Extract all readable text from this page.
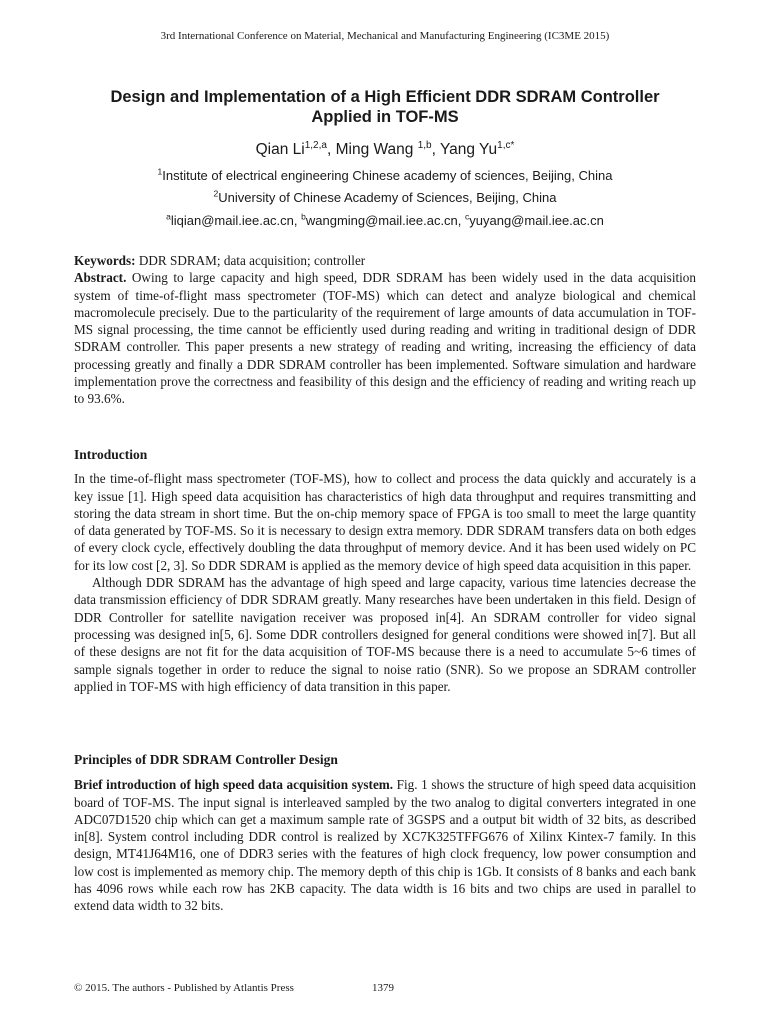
3rd International Conference on Material, Mechanical and Manufacturing Engineering (IC3ME 2015)
Design and Implementation of a High Efficient DDR SDRAM Controller
Applied in TOF-MS
Qian Li$^{1,2,a}$, Ming Wang $^{1,b}$, Yang $Yu^{1,c*}$
$^1$Institute of electrical engineering Chinese academy of sciences, Beijing, China
$^2$University of Chinese Academy of Sciences, Beijing, China
$^a$liqian@mail.iee.ac.cn, $^b$wangming@mail.iee.ac.cn, $^c$yuyang@mail.iee.ac.cn

Keywords: DDR SDRAM; data acquisition; controller

Abstract. Owing to large capacity and high speed, DDR SDRAM has been widely used in the data acquisition system of time-of-flight mass spectrometer (TOF-MS) which can detect and analyze biological and chemical macromolecule precisely. Due to the particularity of the requirement of large amounts of data accumulation in TOF-MS signal processing, the time cannot be efficiently used during reading and writing in traditional design of DDR SDRAM controller. This paper presents a new strategy of reading and writing, increasing the efficiency of data processing greatly and finally a DDR SDRAM controller has been implemented. Software simulation and hardware implementation prove the correctness and feasibility of this design and the efficiency of reading and writing reach up to 93.6%.

Introduction

In the time-of-flight mass spectrometer (TOF-MS), how to collect and process the data quickly and accurately is a key issue [1]. High speed data acquisition has characteristics of high data throughput and requires transmitting and storing the data stream in short time. But the on-chip memory space of FPGA is too small to meet the large quantity of data generated by TOF-MS. So it is necessary to design extra memory. DDR SDRAM transfers data on both edges of every clock cycle, effectively doubling the data throughput of memory device. And it has been used widely on PC for its low cost [2, 3]. So DDR SDRAM is applied as the memory device of high speed data acquisition in this paper.

Although DDR SDRAM has the advantage of high speed and large capacity, various time latencies decrease the data transmission efficiency of DDR SDRAM greatly. Many researches have been undertaken in this field. Design of DDR Controller for satellite navigation receiver was proposed in[4]. An SDRAM controller for video signal processing was designed in[5, 6]. Some DDR controllers designed for general conditions were showed in[7]. But all of these designs are not fit for the data acquisition of TOF-MS because there is a need to accumulate 5~6 times of sample signals together in order to reduce the signal to noise ratio (SNR). So we propose an SDRAM controller applied in TOF-MS with high efficiency of data transition in this paper.

Principles of DDR SDRAM Controller Design

Brief introduction of high speed data acquisition system. Fig. 1 shows the structure of high speed data acquisition board of TOF-MS. The input signal is interleaved sampled by the two analog to digital converters integrated in one ADC07D1520 chip which can get a maximum sample rate of 3GSPS and a output bit width of 32 bits, as described in[8]. System control including DDR control is realized by XC7K325TFFG676 of Xilinx Kintex-7 family. In this design, MT41J64M16, one of DDR3 series with the features of high clock frequency, low power consumption and low cost is implemented as memory chip. The memory depth of this chip is 1Gb. It consists of 8 banks and each bank has 4096 rows while each row has 2KB capacity. The data width is 16 bits and two chips are used in parallel to extend data width to 32 bits.

© 2015. The authors - Published by Atlantis Press	1379
